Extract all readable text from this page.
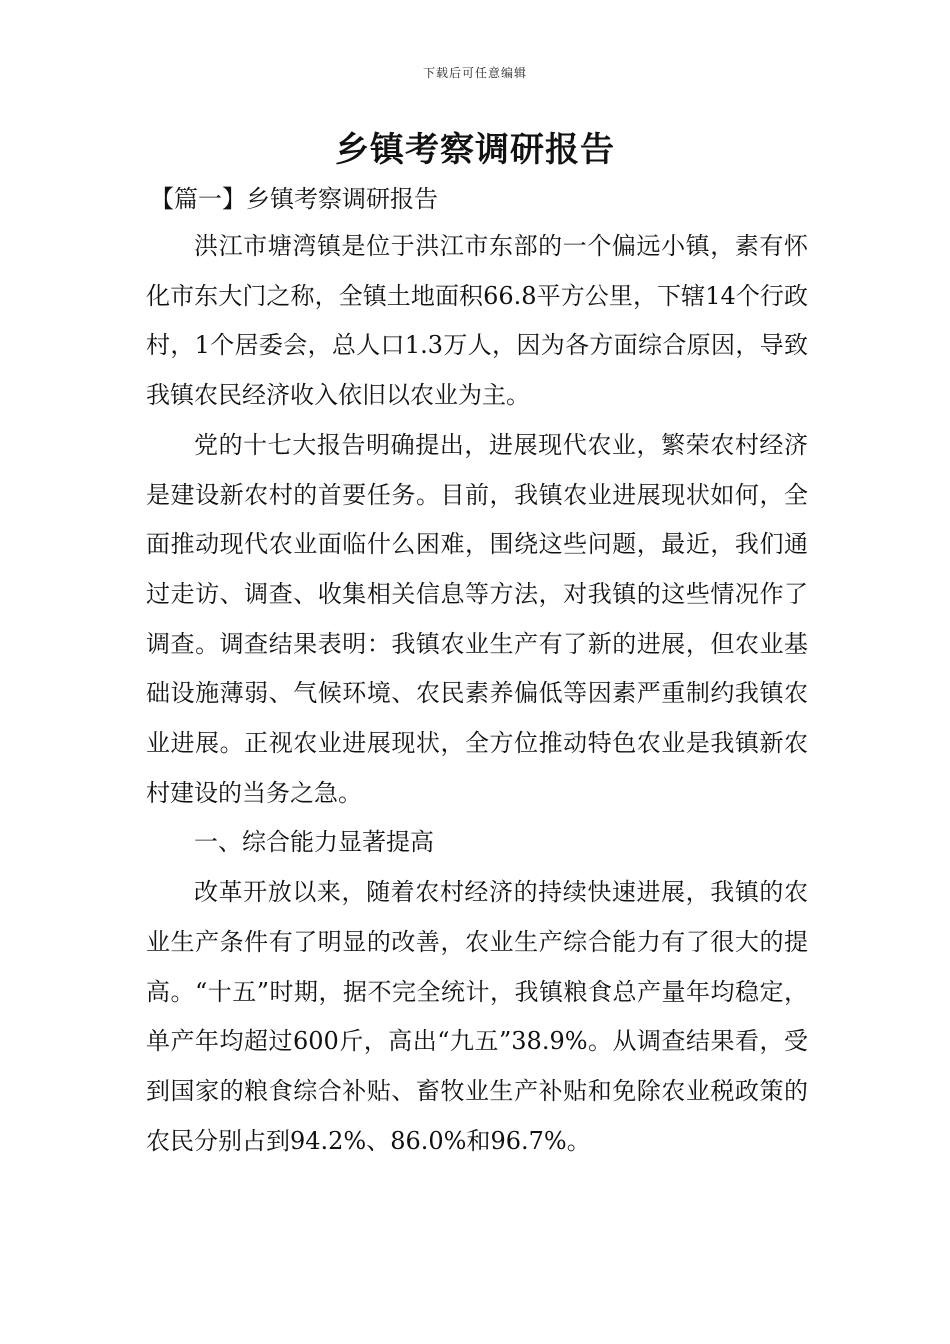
下载后可任意编辑
乡镇考察调研报告

【篇一】乡镇考察调研报告

洪江市塘湾镇是位于洪江市东部的一个偏远小镇，素有怀化市东大门之称，全镇土地面积66.8平方公里，下辖14个行政村，1个居委会，总人口1.3万人，因为各方面综合原因，导致我镇农民经济收入依旧以农业为主。

党的十七大报告明确提出，进展现代农业，繁荣农村经济是建设新农村的首要任务。目前，我镇农业进展现状如何，全面推动现代农业面临什么困难，围绕这些问题，最近，我们通过走访、调查、收集相关信息等方法，对我镇的这些情况作了调查。调查结果表明：我镇农业生产有了新的进展，但农业基础设施薄弱、气候环境、农民素养偏低等因素严重制约我镇农业进展。正视农业进展现状，全方位推动特色农业是我镇新农村建设的当务之急。

一、综合能力显著提高

改革开放以来，随着农村经济的持续快速进展，我镇的农业生产条件有了明显的改善，农业生产综合能力有了很大的提高。“十五”时期，据不完全统计，我镇粮食总产量年均稳定，单产年均超过600斤，高出“九五”38.9%。从调查结果看，受到国家的粮食综合补贴、畜牧业生产补贴和免除农业税政策的农民分别占到94.2%、86.0%和96.7%。
